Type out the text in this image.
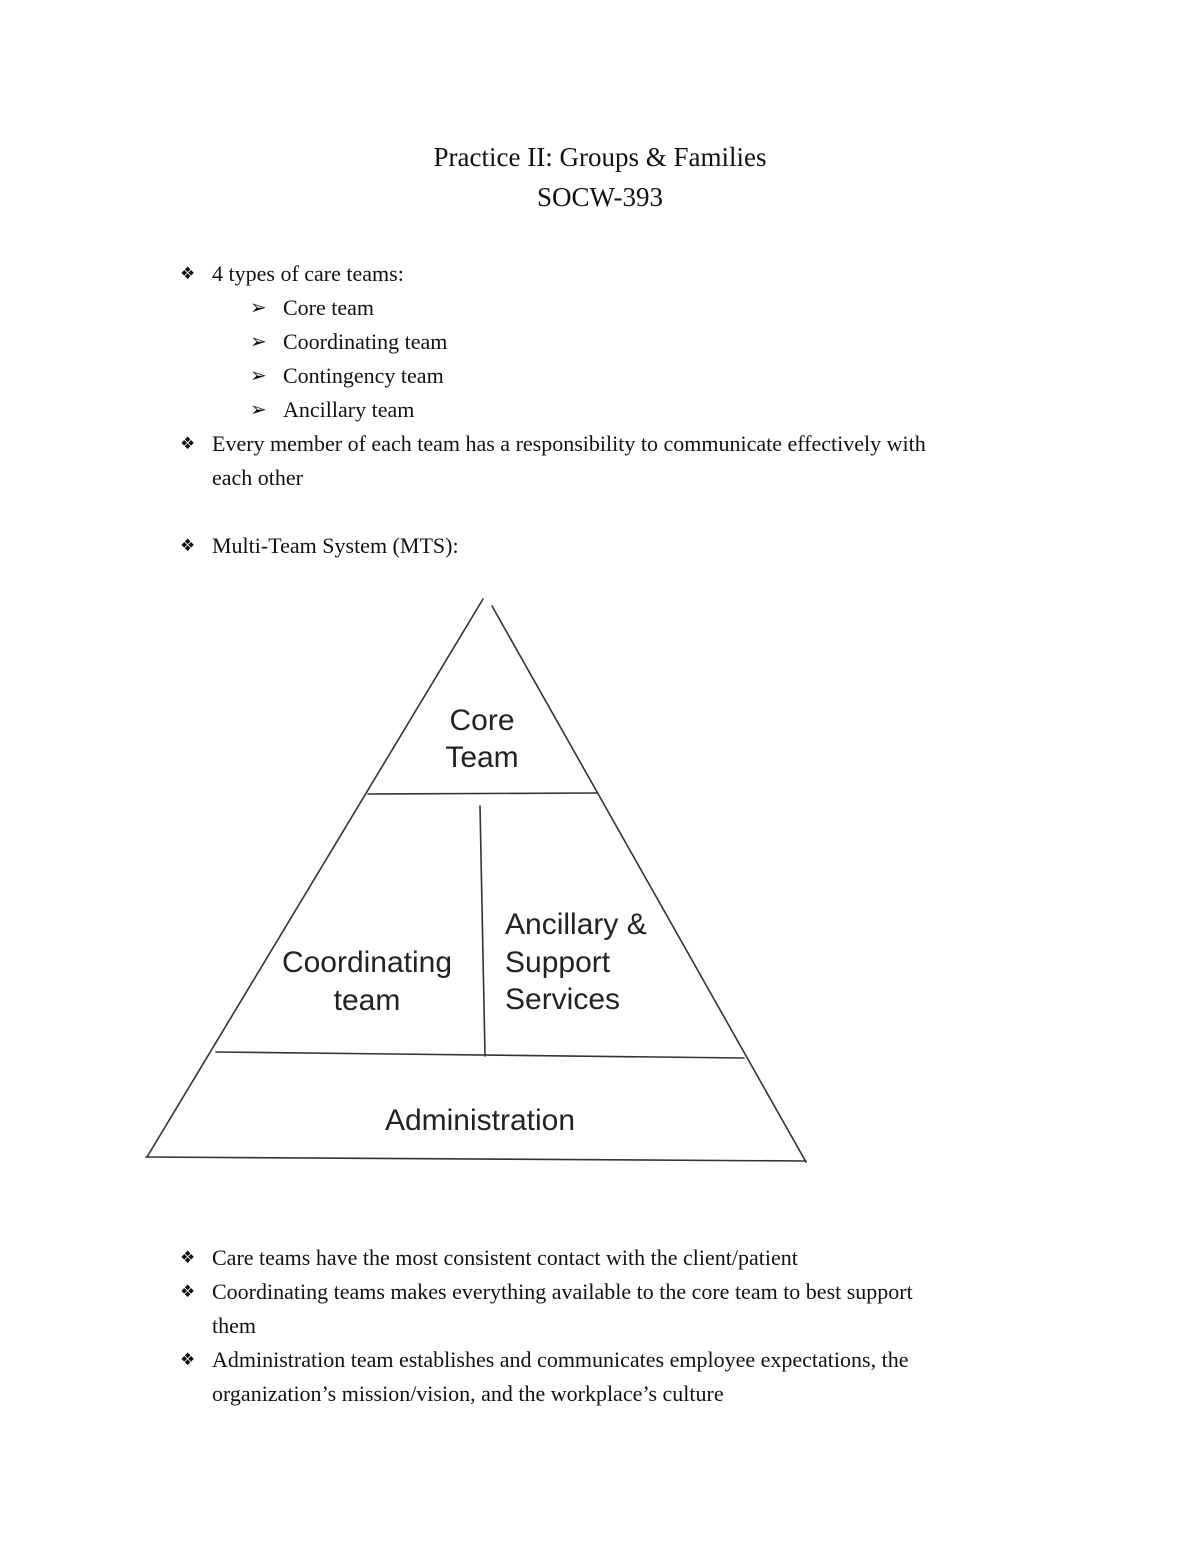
Practice II: Groups & Families
SOCW-393
❖ 4 types of care teams:
➢ Core team
➢ Coordinating team
➢ Contingency team
➢ Ancillary team
❖ Every member of each team has a responsibility to communicate effectively with
each other
❖ Multi-Team System (MTS):
Core
Team
Coordinating
team
Ancillary &
Support
Services
Administration
❖ Care teams have the most consistent contact with the client/patient
❖ Coordinating teams makes everything available to the core team to best support
them
❖ Administration team establishes and communicates employee expectations, the
organization’s mission/vision, and the workplace’s culture
